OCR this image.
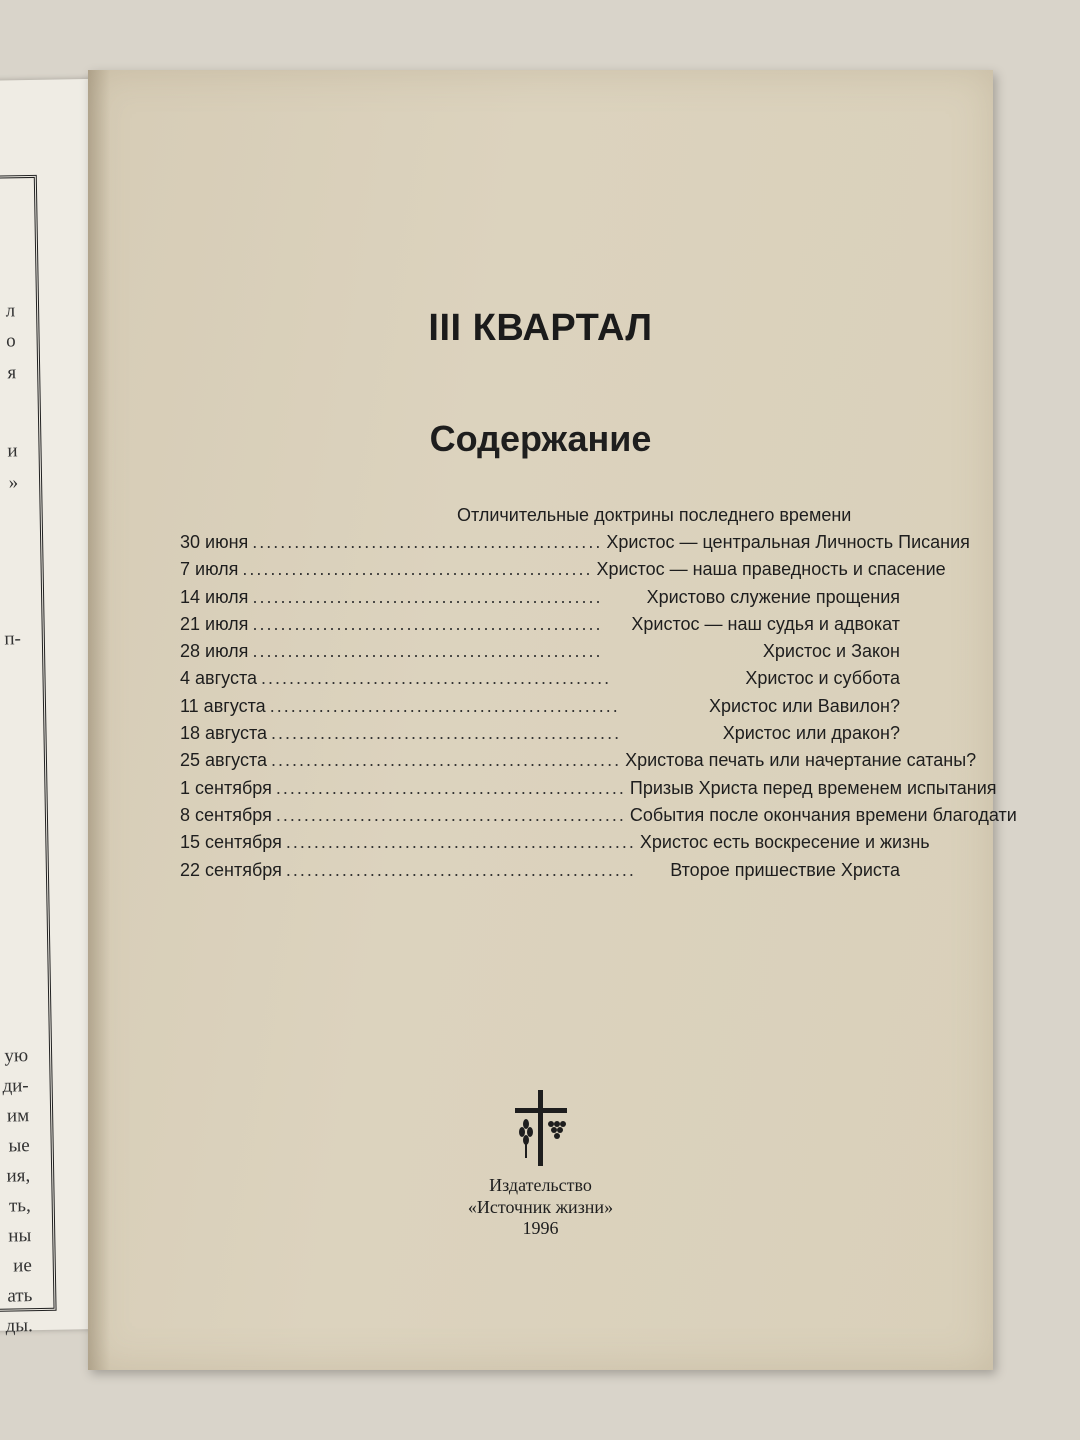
л
о
я
и
»
п-
ую
ди-
им
ые
ия,
ть,
ны
ие
ать
ды.
III КВАРТАЛ
Содержание
Отличительные доктрины последнего времени
30 июня .................................................. Христос — центральная Личность Писания
7 июля .................................................. Христос — наша праведность и спасение
14 июля ..................................................	Христово служение прощения
21 июля ..................................................	Христос — наш судья и адвокат
28 июля ..................................................	Христос и Закон
4 августа ..................................................	Христос и суббота
11 августа ..................................................	Христос или Вавилон?
18 августа ..................................................	Христос или дракон?
25 августа .................................................. Христова печать или начертание сатаны?
1 сентября .................................................. Призыв Христа перед временем испытания
8 сентября .................................................. События после окончания времени благодати
15 сентября .................................................. Христос есть воскресение и жизнь
22 сентября ..................................................	Второе пришествие Христа
Издательство
«Источник жизни»
1996
